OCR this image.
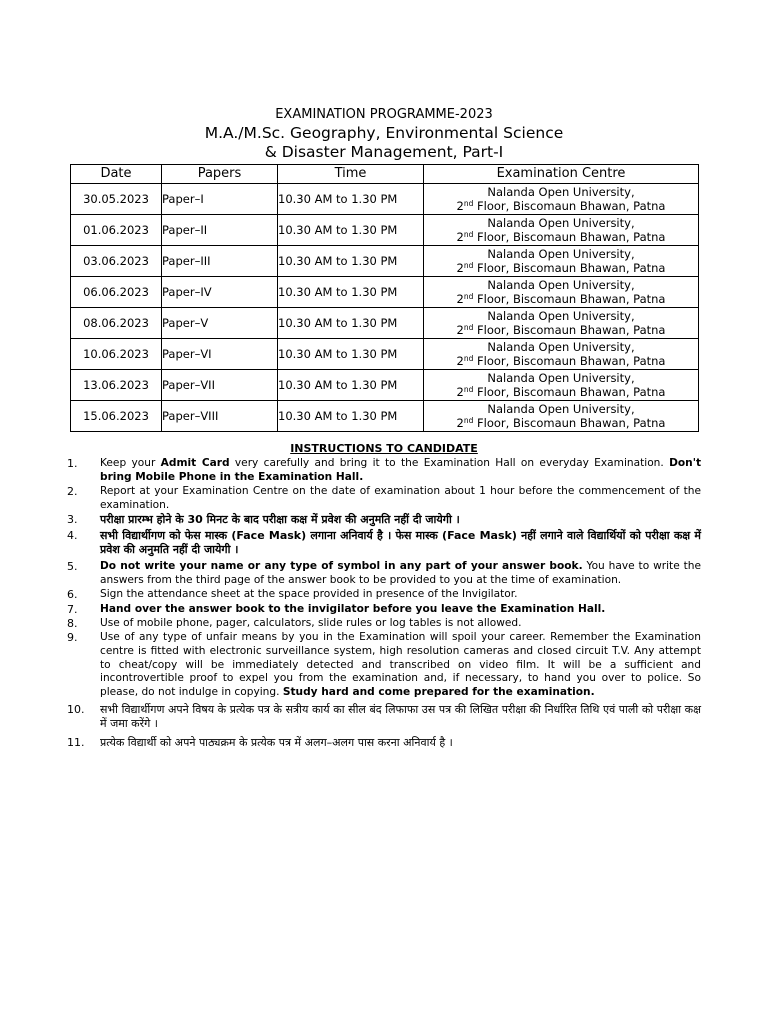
EXAMINATION PROGRAMME-2023
M.A./M.Sc. Geography, Environmental Science
& Disaster Management, Part-I
Date	Papers	Time	Examination Centre
30.05.2023	Paper–I	10.30 AM to 1.30 PM	Nalanda Open University,
2nd Floor, Biscomaun Bhawan, Patna

01.06.2023	Paper–II	10.30 AM to 1.30 PM	Nalanda Open University,
2nd Floor, Biscomaun Bhawan, Patna

03.06.2023	Paper–III	10.30 AM to 1.30 PM	Nalanda Open University,
2nd Floor, Biscomaun Bhawan, Patna

06.06.2023	Paper–IV	10.30 AM to 1.30 PM	Nalanda Open University,
2nd Floor, Biscomaun Bhawan, Patna

08.06.2023	Paper–V	10.30 AM to 1.30 PM	Nalanda Open University,
2nd Floor, Biscomaun Bhawan, Patna

10.06.2023	Paper–VI	10.30 AM to 1.30 PM	Nalanda Open University,
2nd Floor, Biscomaun Bhawan, Patna

13.06.2023	Paper–VII	10.30 AM to 1.30 PM	Nalanda Open University,
2nd Floor, Biscomaun Bhawan, Patna

15.06.2023	Paper–VIII	10.30 AM to 1.30 PM	Nalanda Open University,
2nd Floor, Biscomaun Bhawan, Patna
INSTRUCTIONS TO CANDIDATE
1. Keep your Admit Card very carefully and bring it to the Examination Hall on everyday Examination. Don't bring Mobile Phone in the Examination Hall.
2. Report at your Examination Centre on the date of examination about 1 hour before the commencement of the examination.
3. परीक्षा प्रारम्भ होने के 30 मिनट के बाद परीक्षा कक्ष में प्रवेश की अनुमति नहीं दी जायेगी ।
4. सभी विद्यार्थीगण को फेस मास्क (Face Mask) लगाना अनिवार्य है । फेस मास्क (Face Mask) नहीं लगाने वाले विद्यार्थियों को परीक्षा कक्ष में प्रवेश की अनुमति नहीं दी जायेगी ।
5. Do not write your name or any type of symbol in any part of your answer book. You have to write the answers from the third page of the answer book to be provided to you at the time of examination.
6. Sign the attendance sheet at the space provided in presence of the Invigilator.
7. Hand over the answer book to the invigilator before you leave the Examination Hall.
8. Use of mobile phone, pager, calculators, slide rules or log tables is not allowed.
9. Use of any type of unfair means by you in the Examination will spoil your career. Remember the Examination centre is fitted with electronic surveillance system, high resolution cameras and closed circuit T.V. Any attempt to cheat/copy will be immediately detected and transcribed on video film. It will be a sufficient and incontrovertible proof to expel you from the examination and, if necessary, to hand you over to police. So please, do not indulge in copying. Study hard and come prepared for the examination.
10. सभी विद्यार्थीगण अपने विषय के प्रत्येक पत्र के सत्रीय कार्य का सील बंद लिफाफा उस पत्र की लिखित परीक्षा की निर्धारित तिथि एवं पाली को परीक्षा कक्ष में जमा करेंगे ।
11. प्रत्येक विद्यार्थी को अपने पाठ्यक्रम के प्रत्येक पत्र में अलग–अलग पास करना अनिवार्य है ।
